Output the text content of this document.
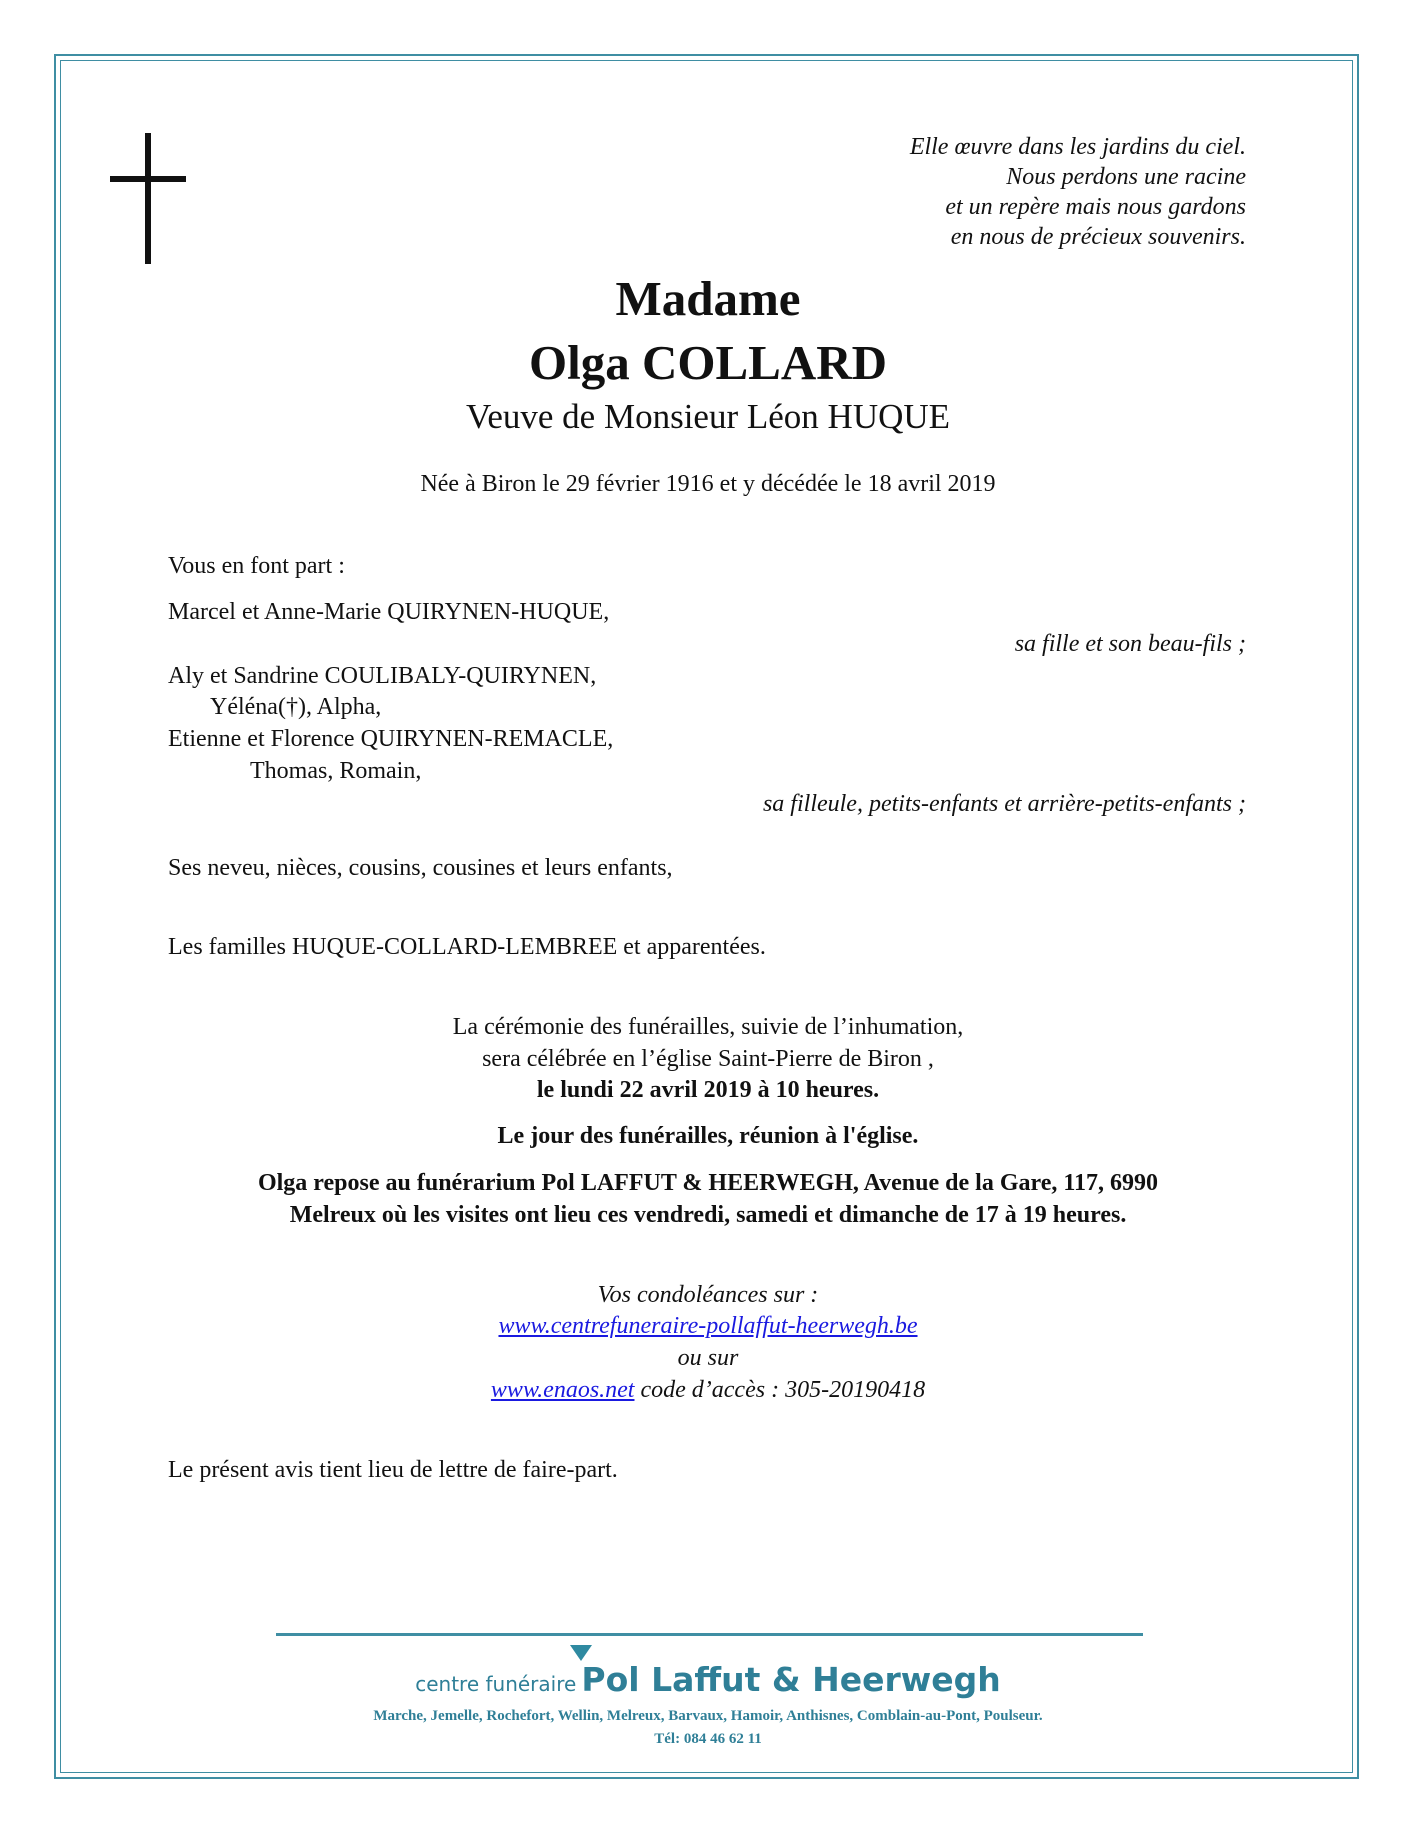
Elle œuvre dans les jardins du ciel.
Nous perdons une racine
et un repère mais nous gardons
en nous de précieux souvenirs.
Madame
Olga COLLARD
Veuve de Monsieur Léon HUQUE
Née à Biron le 29 février 1916 et y décédée le 18 avril 2019
Vous en font part :
Marcel et Anne-Marie QUIRYNEN-HUQUE,
sa fille et son beau-fils ;
Aly et Sandrine COULIBALY-QUIRYNEN,
Yéléna(†), Alpha,
Etienne et Florence QUIRYNEN-REMACLE,
Thomas, Romain,
sa filleule, petits-enfants et arrière-petits-enfants ;
Ses neveu, nièces, cousins, cousines et leurs enfants,
Les familles HUQUE-COLLARD-LEMBREE et apparentées.
La cérémonie des funérailles, suivie de l’inhumation,
sera célébrée en l’église Saint-Pierre de Biron ,
le lundi 22 avril 2019 à 10 heures.
Le jour des funérailles, réunion à l'église.
Olga repose au funérarium Pol LAFFUT & HEERWEGH, Avenue de la Gare, 117, 6990
Melreux où les visites ont lieu ces vendredi, samedi et dimanche de 17 à 19 heures.
Vos condoléances sur :
www.centrefuneraire-pollaffut-heerwegh.be
ou sur
www.enaos.net code d’accès : 305-20190418
Le présent avis tient lieu de lettre de faire-part.
centre funéraire Pol Laffut & Heerwegh
Marche, Jemelle, Rochefort, Wellin, Melreux, Barvaux, Hamoir, Anthisnes, Comblain-au-Pont, Poulseur.
Tél: 084 46 62 11
